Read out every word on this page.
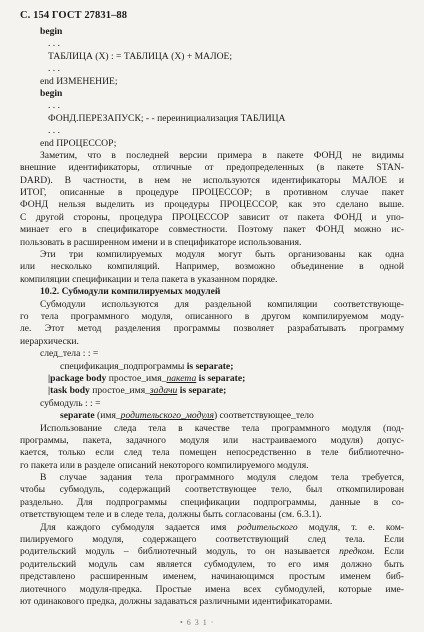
С. 154 ГОСТ 27831–88
begin
. . .
ТАБЛИЦА (X) : = ТАБЛИЦА (X) + МАЛОЕ;
. . .
end ИЗМЕНЕНИЕ;
begin
. . .
ФОНД.ПЕРЕЗАПУСК; - - переинициализация ТАБЛИЦА
. . .
end ПРОЦЕССОР;
Заметим, что в последней версии примера в пакете ФОНД не видимы
внешние идентификаторы, отличные от предопределенных (в пакете STAN-
DARD). В частности, в нем не используются идентификаторы МАЛОЕ и
ИТОГ, описанные в процедуре ПРОЦЕССОР; в противном случае пакет
ФОНД нельзя выделить из процедуры ПРОЦЕССОР, как это сделано выше.
С другой стороны, процедура ПРОЦЕССОР зависит от пакета ФОНД и упо-
минает его в спецификаторе совместности. Поэтому пакет ФОНД можно ис-
пользовать в расширенном имени и в спецификаторе использования.
Эти три компилируемых модуля могут быть организованы как одна
или несколько компиляций. Например, возможно объединение в одной
компиляции спецификации и тела пакета в указанном порядке.
10.2. Субмодули компилируемых модулей
Субмодули используются для раздельной компиляции соответствующе-
го тела программного модуля, описанного в другом компилируемом моду-
ле. Этот метод разделения программы позволяет разрабатывать программу
иерархически.
след_тела : : =
спецификация_подпрограммы is separate;
|package body простое_имя_пакета is separate;
|task body простое_имя_задачи is separate;
субмодуль : : =
separate (имя_родительского_модуля) соответствующее_тело
Использование следа тела в качестве тела программного модуля (под-
программы, пакета, задачного модуля или настраиваемого модуля) допус-
кается, только если след тела помещен непосредственно в теле библиотечно-
го пакета или в разделе описаний некоторого компилируемого модуля.
В случае задания тела программного модуля следом тела требуется,
чтобы субмодуль, содержащий соответствующее тело, был откомпилирован
раздельно. Для подпрограммы спецификации подпрограммы, данные в со-
ответствующем теле и в следе тела, должны быть согласованы (см. 6.3.1).
Для каждого субмодуля задается имя родительского модуля, т. е. ком-
пилируемого модуля, содержащего соответствующий след тела. Если
родительский модуль – библиотечный модуль, то он называется предком. Если
родительский модуль сам является субмодулем, то его имя должно быть
представлено расширенным именем, начинающимся простым именем биб-
лиотечного модуля-предка. Простые имена всех субмодулей, которые име-
ют одинакового предка, должны задаваться различными идентификаторами.
• 6 3 1 ·
